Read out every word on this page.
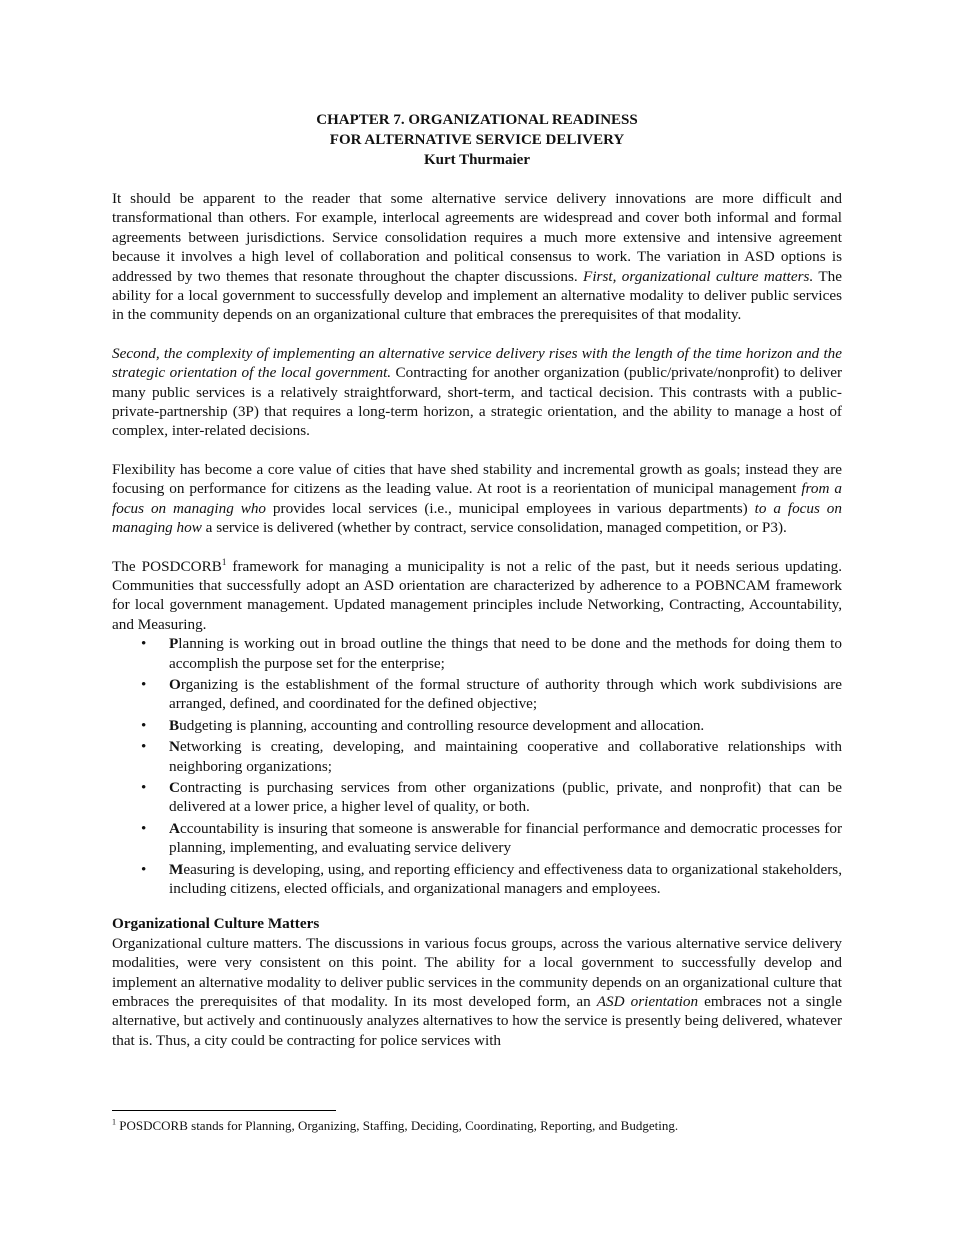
CHAPTER 7. ORGANIZATIONAL READINESS
FOR ALTERNATIVE SERVICE DELIVERY
Kurt Thurmaier

It should be apparent to the reader that some alternative service delivery innovations are more difficult and transformational than others. For example, interlocal agreements are widespread and cover both informal and formal agreements between jurisdictions. Service consolidation requires a much more extensive and intensive agreement because it involves a high level of collaboration and political consensus to work. The variation in ASD options is addressed by two themes that resonate throughout the chapter discussions. First, organizational culture matters. The ability for a local government to successfully develop and implement an alternative modality to deliver public services in the community depends on an organizational culture that embraces the prerequisites of that modality.

Second, the complexity of implementing an alternative service delivery rises with the length of the time horizon and the strategic orientation of the local government. Contracting for another organization (public/private/nonprofit) to deliver many public services is a relatively straightforward, short-term, and tactical decision. This contrasts with a public-private-partnership (3P) that requires a long-term horizon, a strategic orientation, and the ability to manage a host of complex, inter-related decisions.

Flexibility has become a core value of cities that have shed stability and incremental growth as goals; instead they are focusing on performance for citizens as the leading value. At root is a reorientation of municipal management from a focus on managing who provides local services (i.e., municipal employees in various departments) to a focus on managing how a service is delivered (whether by contract, service consolidation, managed competition, or P3).

The POSDCORB$^1$ framework for managing a municipality is not a relic of the past, but it needs serious updating. Communities that successfully adopt an ASD orientation are characterized by adherence to a POBNCAM framework for local government management. Updated management principles include Networking, Contracting, Accountability, and Measuring.

• Planning is working out in broad outline the things that need to be done and the methods for doing them to accomplish the purpose set for the enterprise;
• Organizing is the establishment of the formal structure of authority through which work subdivisions are arranged, defined, and coordinated for the defined objective;
• Budgeting is planning, accounting and controlling resource development and allocation.
• Networking is creating, developing, and maintaining cooperative and collaborative relationships with neighboring organizations;
• Contracting is purchasing services from other organizations (public, private, and nonprofit) that can be delivered at a lower price, a higher level of quality, or both.
• Accountability is insuring that someone is answerable for financial performance and democratic processes for planning, implementing, and evaluating service delivery
• Measuring is developing, using, and reporting efficiency and effectiveness data to organizational stakeholders, including citizens, elected officials, and organizational managers and employees.
Organizational Culture Matters

Organizational culture matters. The discussions in various focus groups, across the various alternative service delivery modalities, were very consistent on this point. The ability for a local government to successfully develop and implement an alternative modality to deliver public services in the community depends on an organizational culture that embraces the prerequisites of that modality. In its most developed form, an ASD orientation embraces not a single alternative, but actively and continuously analyzes alternatives to how the service is presently being delivered, whatever that is. Thus, a city could be contracting for police services with

$^1$ POSDCORB stands for Planning, Organizing, Staffing, Deciding, Coordinating, Reporting, and Budgeting.
